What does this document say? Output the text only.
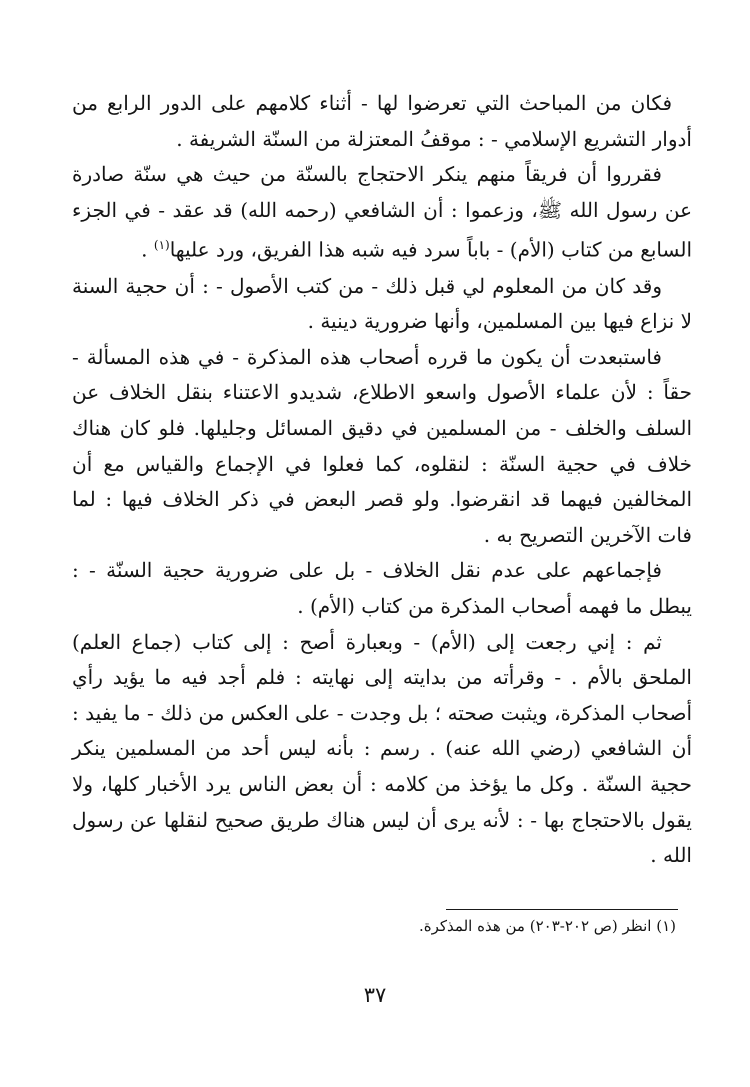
فكان من المباحث التي تعرضوا لها - أثناء كلامهم على الدور الرابع من أدوار التشريع الإسلامي - : موقفُ المعتزلة من السنّة الشريفة .

فقرروا أن فريقاً منهم ينكر الاحتجاج بالسنّة من حيث هي سنّة صادرة عن رسول الله ﷺ، وزعموا : أن الشافعي (رحمه الله) قد عقد - في الجزء السابع من كتاب (الأم) - باباً سرد فيه شبه هذا الفريق، ورد عليها$^{(١)}$ .

وقد كان من المعلوم لي قبل ذلك - من كتب الأصول - : أن حجية السنة لا نزاع فيها بين المسلمين، وأنها ضرورية دينية .

فاستبعدت أن يكون ما قرره أصحاب هذه المذكرة - في هذه المسألة - حقاً : لأن علماء الأصول واسعو الاطلاع، شديدو الاعتناء بنقل الخلاف عن السلف والخلف - من المسلمين في دقيق المسائل وجليلها. فلو كان هناك خلاف في حجية السنّة : لنقلوه، كما فعلوا في الإجماع والقياس مع أن المخالفين فيهما قد انقرضوا. ولو قصر البعض في ذكر الخلاف فيها : لما فات الآخرين التصريح به .

فإجماعهم على عدم نقل الخلاف - بل على ضرورية حجية السنّة - : يبطل ما فهمه أصحاب المذكرة من كتاب (الأم) .

ثم : إني رجعت إلى (الأم) - وبعبارة أصح : إلى كتاب (جماع العلم) الملحق بالأم . - وقرأته من بدايته إلى نهايته : فلم أجد فيه ما يؤيد رأي أصحاب المذكرة، ويثبت صحته ؛ بل وجدت - على العكس من ذلك - ما يفيد : أن الشافعي (رضي الله عنه) . رسم : بأنه ليس أحد من المسلمين ينكر حجية السنّة . وكل ما يؤخذ من كلامه : أن بعض الناس يرد الأخبار كلها، ولا يقول بالاحتجاج بها - : لأنه يرى أن ليس هناك طريق صحيح لنقلها عن رسول الله .

(١) انظر (ص ٢٠٢-٢٠٣) من هذه المذكرة.
٣٧
